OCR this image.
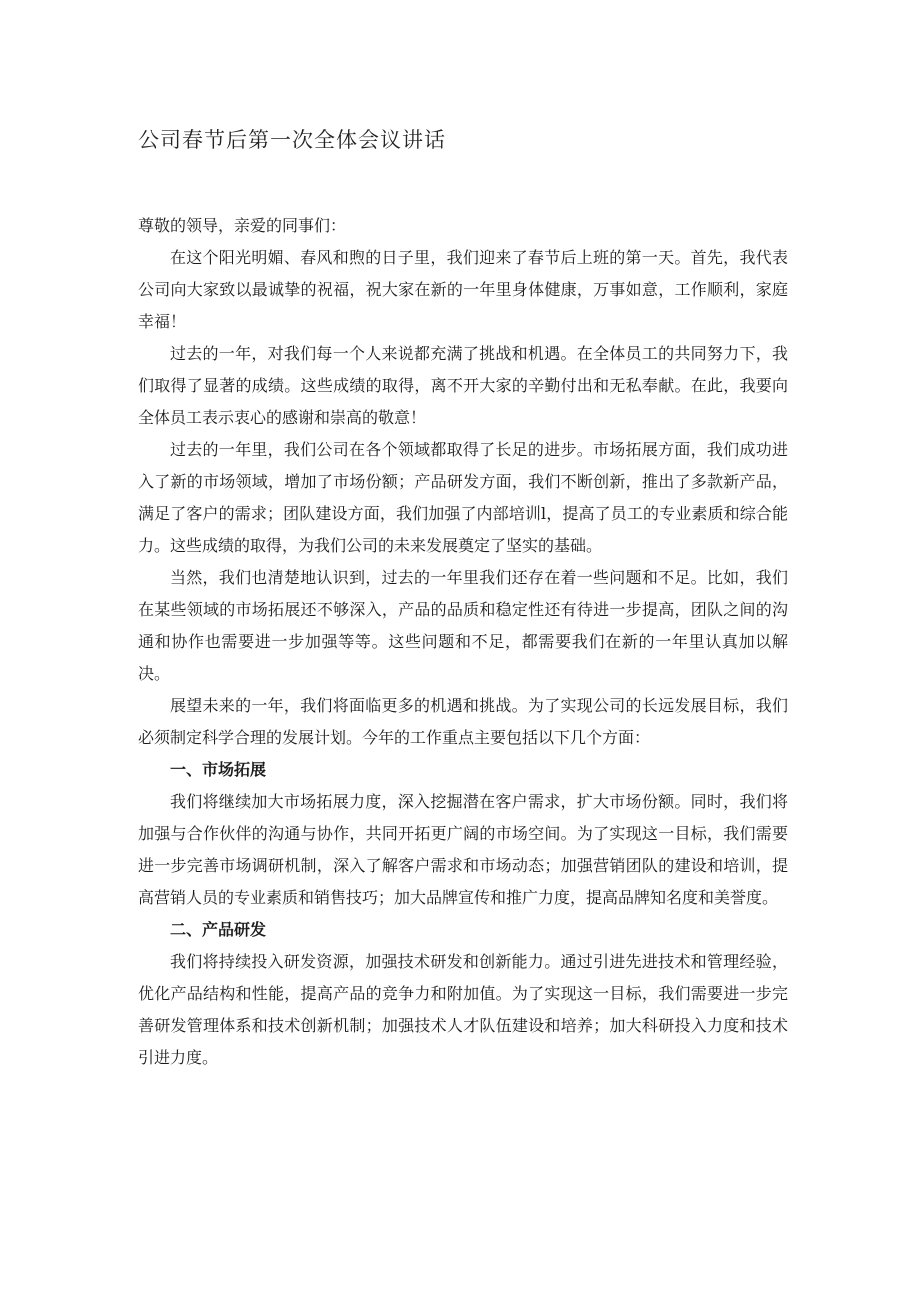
公司春节后第一次全体会议讲话

尊敬的领导，亲爱的同事们：

在这个阳光明媚、春风和煦的日子里，我们迎来了春节后上班的第一天。首先，我代表公司向大家致以最诚挚的祝福，祝大家在新的一年里身体健康，万事如意，工作顺利，家庭幸福！

过去的一年，对我们每一个人来说都充满了挑战和机遇。在全体员工的共同努力下，我们取得了显著的成绩。这些成绩的取得，离不开大家的辛勤付出和无私奉献。在此，我要向全体员工表示衷心的感谢和崇高的敬意！

过去的一年里，我们公司在各个领域都取得了长足的进步。市场拓展方面，我们成功进入了新的市场领域，增加了市场份额；产品研发方面，我们不断创新，推出了多款新产品，满足了客户的需求；团队建设方面，我们加强了内部培训l，提高了员工的专业素质和综合能力。这些成绩的取得，为我们公司的未来发展奠定了坚实的基础。

当然，我们也清楚地认识到，过去的一年里我们还存在着一些问题和不足。比如，我们在某些领域的市场拓展还不够深入，产品的品质和稳定性还有待进一步提高，团队之间的沟通和协作也需要进一步加强等等。这些问题和不足，都需要我们在新的一年里认真加以解决。

展望未来的一年，我们将面临更多的机遇和挑战。为了实现公司的长远发展目标，我们必须制定科学合理的发展计划。今年的工作重点主要包括以下几个方面：

一、市场拓展

我们将继续加大市场拓展力度，深入挖掘潜在客户需求，扩大市场份额。同时，我们将加强与合作伙伴的沟通与协作，共同开拓更广阔的市场空间。为了实现这一目标，我们需要进一步完善市场调研机制，深入了解客户需求和市场动态；加强营销团队的建设和培训，提高营销人员的专业素质和销售技巧；加大品牌宣传和推广力度，提高品牌知名度和美誉度。

二、产品研发

我们将持续投入研发资源，加强技术研发和创新能力。通过引进先进技术和管理经验，优化产品结构和性能，提高产品的竞争力和附加值。为了实现这一目标，我们需要进一步完善研发管理体系和技术创新机制；加强技术人才队伍建设和培养；加大科研投入力度和技术引进力度。
